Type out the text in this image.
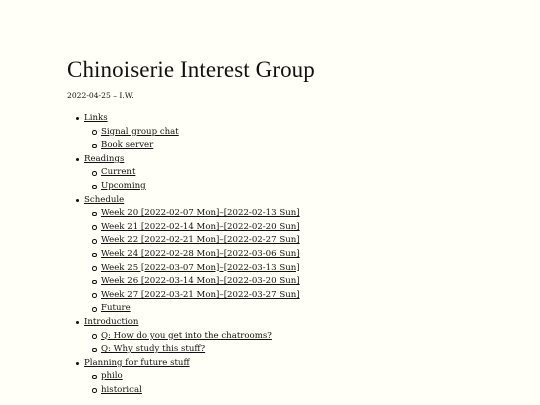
Chinoiserie Interest Group

2022-04-25 – I.W.

Links
Signal group chat
Book server
Readings
Current
Upcoming
Schedule
Week 20 [2022-02-07 Mon]–[2022-02-13 Sun]
Week 21 [2022-02-14 Mon]–[2022-02-20 Sun]
Week 22 [2022-02-21 Mon]–[2022-02-27 Sun]
Week 24 [2022-02-28 Mon]–[2022-03-06 Sun]
Week 25 [2022-03-07 Mon]–[2022-03-13 Sun]
Week 26 [2022-03-14 Mon]–[2022-03-20 Sun]
Week 27 [2022-03-21 Mon]–[2022-03-27 Sun]
Future
Introduction
Q: How do you get into the chatrooms?
Q: Why study this stuff?
Planning for future stuff
philo
historical
